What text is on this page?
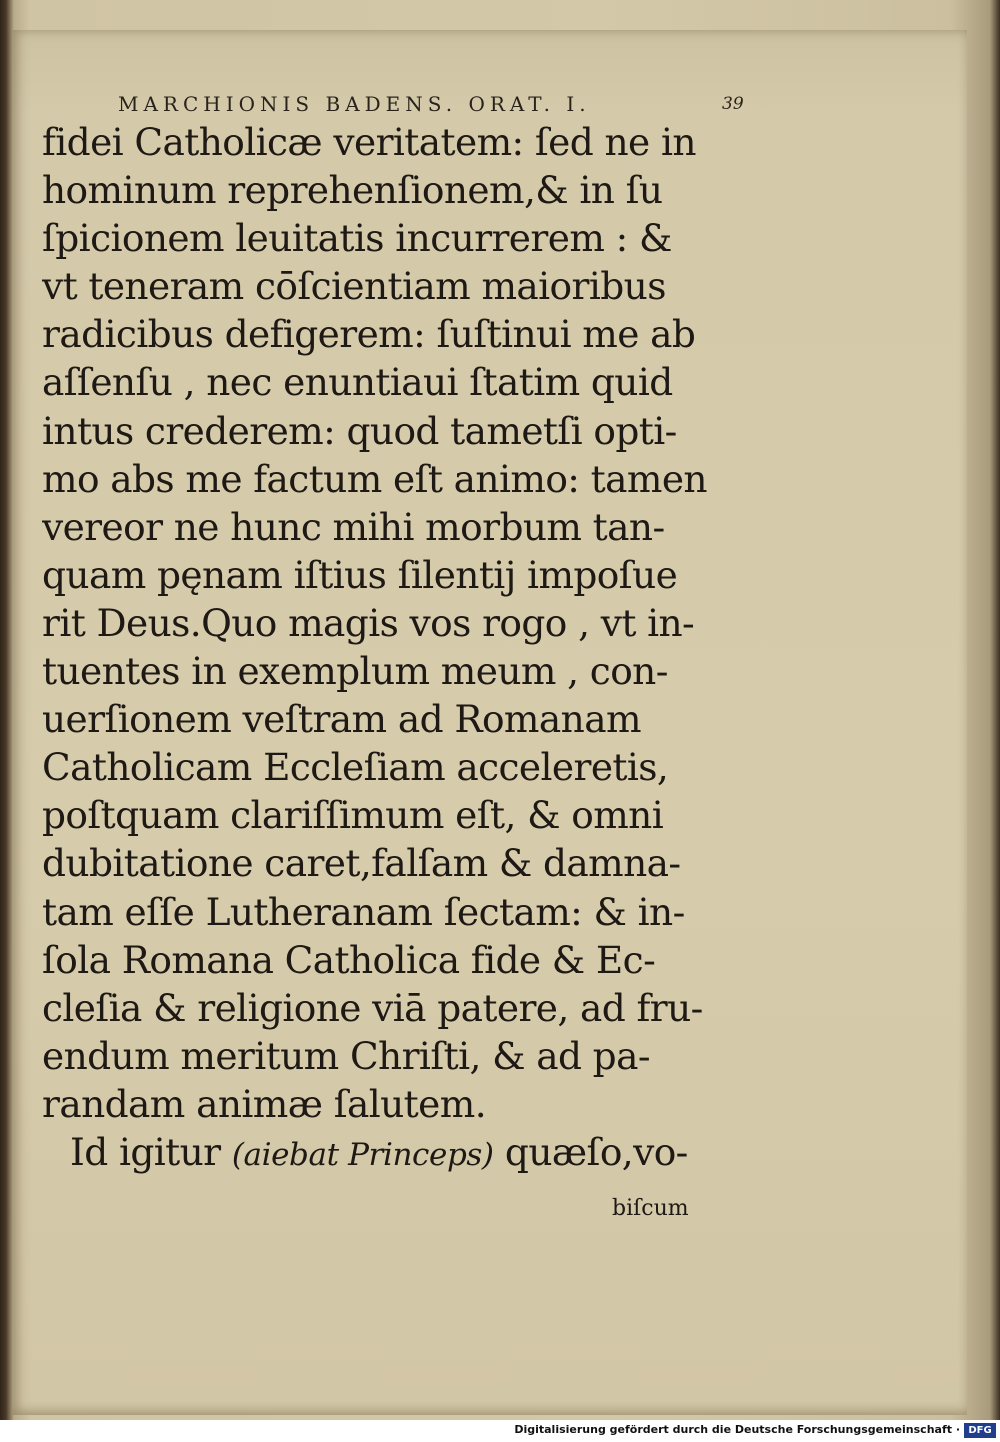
MARCHIONIS BADENS. ORAT. I.	39
fidei Catholicæ veritatem: ſed ne in
hominum reprehenſionem,& in ſu
ſpicionem leuitatis incurrerem : &
vt teneram cōſcientiam maioribus
radicibus defigerem: ſuſtinui me ab
aſſenſu , nec enuntiaui ſtatim quid
intus crederem: quod tametſi opti-
mo abs me factum eſt animo: tamen
vereor ne hunc mihi morbum tan-
quam pęnam iſtius ſilentij impoſue
rit Deus.Quo magis vos rogo , vt in-
tuentes in exemplum meum , con-
uerſionem veſtram ad Romanam
Catholicam Eccleſiam acceleretis,
poſtquam clariſſimum eſt, & omni
dubitatione caret,falſam & damna-
tam eſſe Lutheranam ſectam: & in-
ſola Romana Catholica fide & Ec-
cleſia & religione viā patere, ad fru-
endum meritum Chriſti, & ad pa-
randam animæ ſalutem.
Id igitur (aiebat Princeps) quæſo,vo-
biſcum
Digitalisierung gefördert durch die Deutsche Forschungsgemeinschaft · DFG
